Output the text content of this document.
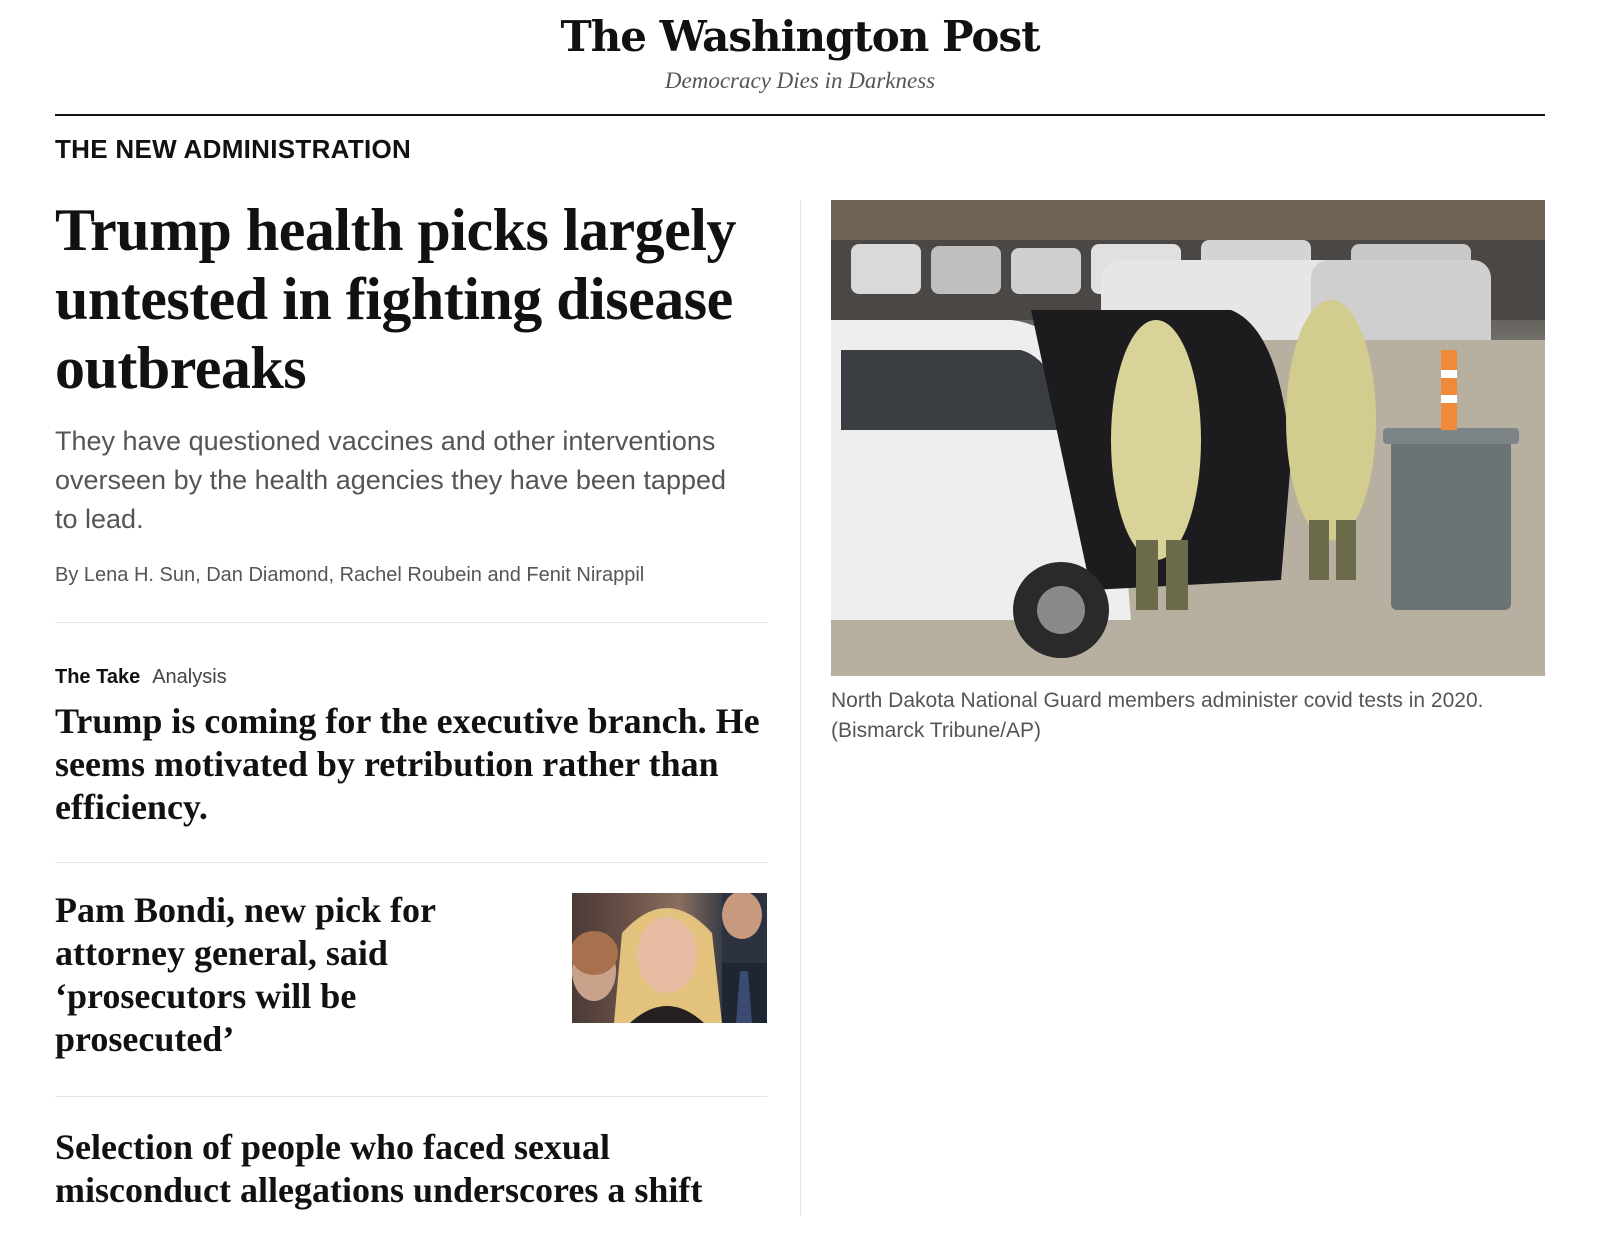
The Washington Post
Democracy Dies in Darkness
THE NEW ADMINISTRATION
Trump health picks largely untested in fighting disease outbreaks

They have questioned vaccines and other interventions overseen by the health agencies they have been tapped to lead.

By Lena H. Sun, Dan Diamond, Rachel Roubein and Fenit Nirappil
The Take Analysis
Trump is coming for the executive branch. He seems motivated by retribution rather than efficiency.
Pam Bondi, new pick for attorney general, said ‘prosecutors will be prosecuted’
Selection of people who faced sexual misconduct allegations underscores a shift

North Dakota National Guard members administer covid tests in 2020. (Bismarck Tribune/AP)
